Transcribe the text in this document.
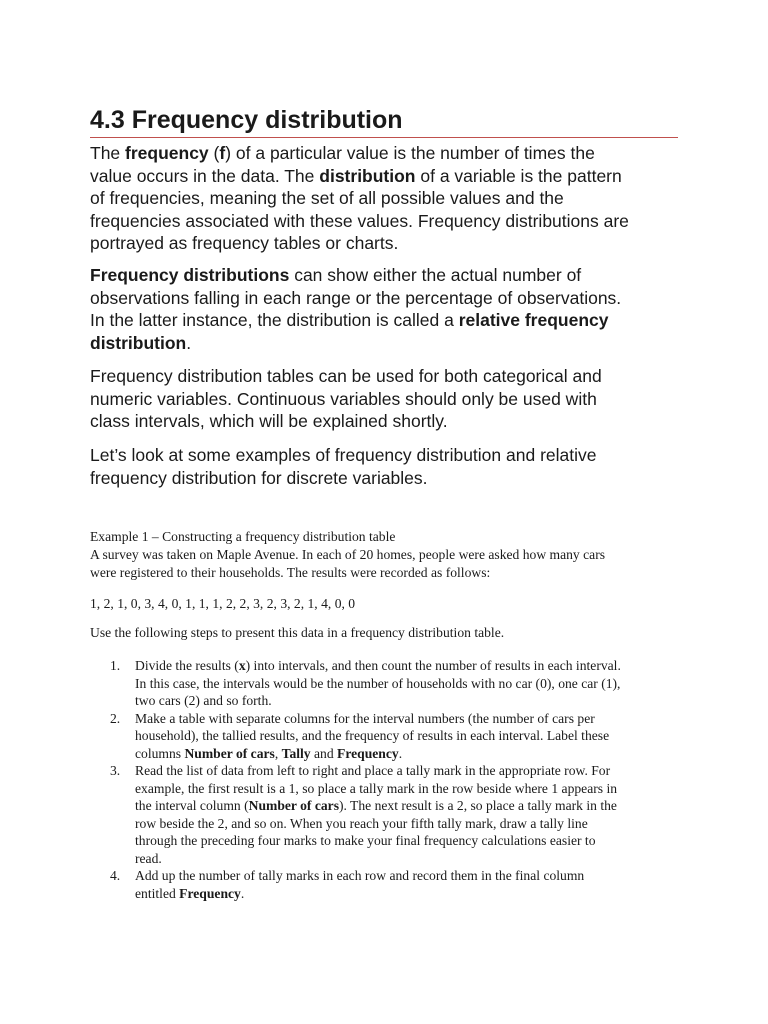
4.3 Frequency distribution

The frequency (f) of a particular value is the number of times the
value occurs in the data. The distribution of a variable is the pattern
of frequencies, meaning the set of all possible values and the
frequencies associated with these values. Frequency distributions are
portrayed as frequency tables or charts.

Frequency distributions can show either the actual number of
observations falling in each range or the percentage of observations.
In the latter instance, the distribution is called a relative frequency
distribution.

Frequency distribution tables can be used for both categorical and
numeric variables. Continuous variables should only be used with
class intervals, which will be explained shortly.

Let’s look at some examples of frequency distribution and relative
frequency distribution for discrete variables.

Example 1 – Constructing a frequency distribution table

A survey was taken on Maple Avenue. In each of 20 homes, people were asked how many cars
were registered to their households. The results were recorded as follows:

1, 2, 1, 0, 3, 4, 0, 1, 1, 1, 2, 2, 3, 2, 3, 2, 1, 4, 0, 0

Use the following steps to present this data in a frequency distribution table.

1. Divide the results (x) into intervals, and then count the number of results in each interval.
In this case, the intervals would be the number of households with no car (0), one car (1),
two cars (2) and so forth.
2. Make a table with separate columns for the interval numbers (the number of cars per
household), the tallied results, and the frequency of results in each interval. Label these
columns Number of cars, Tally and Frequency.
3. Read the list of data from left to right and place a tally mark in the appropriate row. For
example, the first result is a 1, so place a tally mark in the row beside where 1 appears in
the interval column (Number of cars). The next result is a 2, so place a tally mark in the
row beside the 2, and so on. When you reach your fifth tally mark, draw a tally line
through the preceding four marks to make your final frequency calculations easier to
read.
4. Add up the number of tally marks in each row and record them in the final column
entitled Frequency.
